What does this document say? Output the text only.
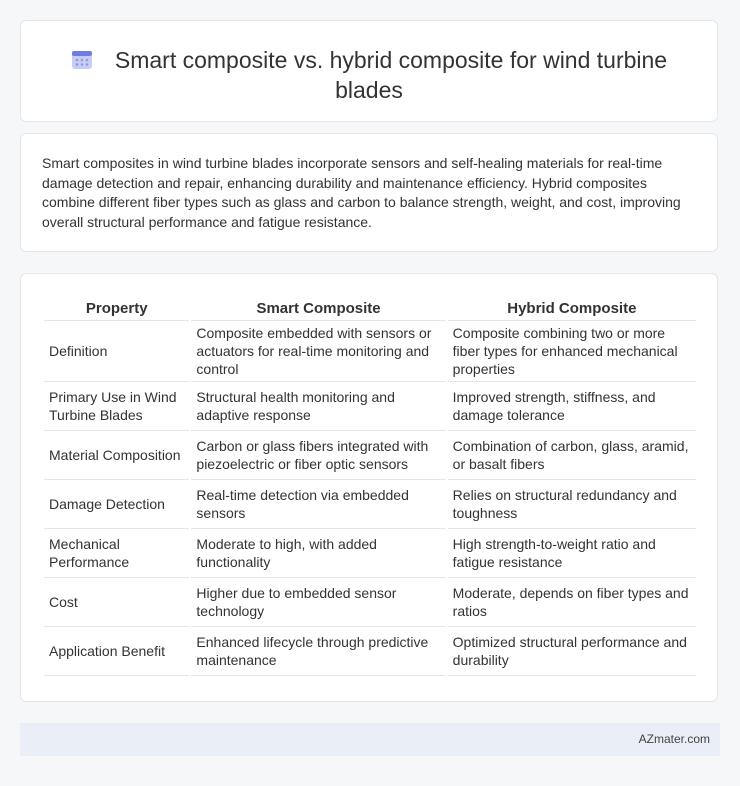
Smart composite vs. hybrid composite for wind turbine blades
Smart composites in wind turbine blades incorporate sensors and self-healing materials for real-time damage detection and repair, enhancing durability and maintenance efficiency. Hybrid composites combine different fiber types such as glass and carbon to balance strength, weight, and cost, improving overall structural performance and fatigue resistance.
Property	Smart Composite	Hybrid Composite
Definition	Composite embedded with sensors or actuators for real-time monitoring and control	Composite combining two or more fiber types for enhanced mechanical properties
Primary Use in Wind Turbine Blades	Structural health monitoring and adaptive response	Improved strength, stiffness, and damage tolerance
Material Composition	Carbon or glass fibers integrated with piezoelectric or fiber optic sensors	Combination of carbon, glass, aramid, or basalt fibers
Damage Detection	Real-time detection via embedded sensors	Relies on structural redundancy and toughness
Mechanical Performance	Moderate to high, with added functionality	High strength-to-weight ratio and fatigue resistance
Cost	Higher due to embedded sensor technology	Moderate, depends on fiber types and ratios
Application Benefit	Enhanced lifecycle through predictive maintenance	Optimized structural performance and durability
AZmater.com
